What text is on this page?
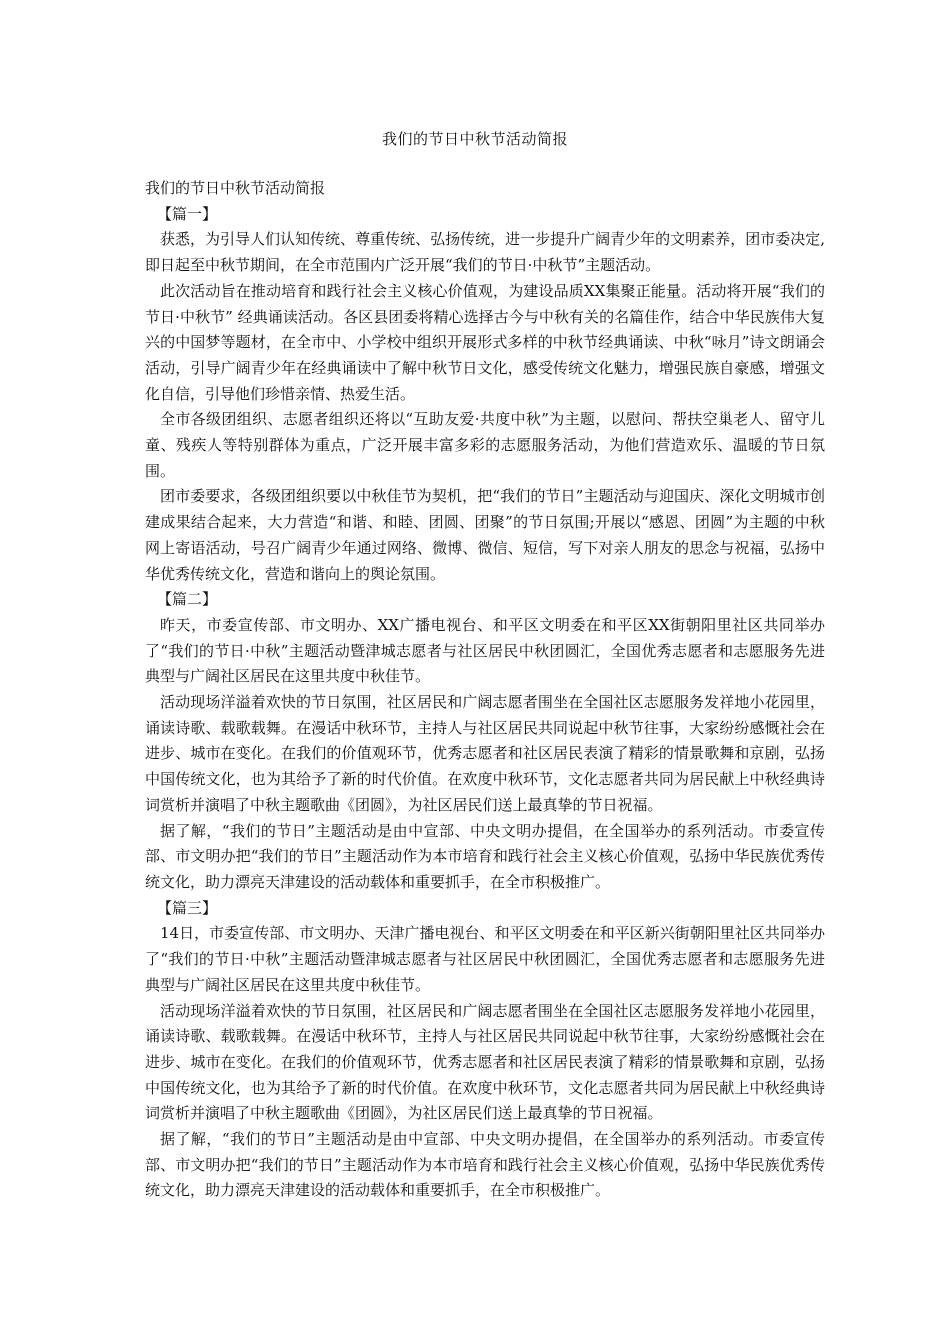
我们的节日中秋节活动简报

我们的节日中秋节活动简报

【篇一】

获悉，为引导人们认知传统、尊重传统、弘扬传统，进一步提升广阔青少年的文明素养，团市委决定,即日起至中秋节期间，在全市范围内广泛开展“我们的节日·中秋节”主题活动。

此次活动旨在推动培育和践行社会主义核心价值观，为建设品质XX集聚正能量。活动将开展“我们的节日·中秋节” 经典诵读活动。各区县团委将精心选择古今与中秋有关的名篇佳作，结合中华民族伟大复兴的中国梦等题材，在全市中、小学校中组织开展形式多样的中秋节经典诵读、中秋“咏月”诗文朗诵会活动，引导广阔青少年在经典诵读中了解中秋节日文化，感受传统文化魅力，增强民族自豪感，增强文化自信，引导他们珍惜亲情、热爱生活。

全市各级团组织、志愿者组织还将以“互助友爱·共度中秋”为主题，以慰问、帮扶空巢老人、留守儿童、残疾人等特别群体为重点，广泛开展丰富多彩的志愿服务活动，为他们营造欢乐、温暖的节日氛围。

团市委要求，各级团组织要以中秋佳节为契机，把“我们的节日”主题活动与迎国庆、深化文明城市创建成果结合起来，大力营造“和谐、和睦、团圆、团聚”的节日氛围;开展以“感恩、团圆”为主题的中秋网上寄语活动，号召广阔青少年通过网络、微博、微信、短信，写下对亲人朋友的思念与祝福，弘扬中华优秀传统文化，营造和谐向上的舆论氛围。

【篇二】

昨天，市委宣传部、市文明办、XX广播电视台、和平区文明委在和平区XX街朝阳里社区共同举办了“我们的节日·中秋”主题活动暨津城志愿者与社区居民中秋团圆汇，全国优秀志愿者和志愿服务先进典型与广阔社区居民在这里共度中秋佳节。

活动现场洋溢着欢快的节日氛围，社区居民和广阔志愿者围坐在全国社区志愿服务发祥地小花园里，诵读诗歌、载歌载舞。在漫话中秋环节，主持人与社区居民共同说起中秋节往事，大家纷纷感慨社会在进步、城市在变化。在我们的价值观环节，优秀志愿者和社区居民表演了精彩的情景歌舞和京剧，弘扬中国传统文化，也为其给予了新的时代价值。在欢度中秋环节，文化志愿者共同为居民献上中秋经典诗词赏析并演唱了中秋主题歌曲《团圆》，为社区居民们送上最真挚的节日祝福。

据了解，“我们的节日”主题活动是由中宣部、中央文明办提倡，在全国举办的系列活动。市委宣传部、市文明办把“我们的节日”主题活动作为本市培育和践行社会主义核心价值观，弘扬中华民族优秀传统文化，助力漂亮天津建设的活动载体和重要抓手，在全市积极推广。

【篇三】

14日，市委宣传部、市文明办、天津广播电视台、和平区文明委在和平区新兴街朝阳里社区共同举办了“我们的节日·中秋”主题活动暨津城志愿者与社区居民中秋团圆汇，全国优秀志愿者和志愿服务先进典型与广阔社区居民在这里共度中秋佳节。

活动现场洋溢着欢快的节日氛围，社区居民和广阔志愿者围坐在全国社区志愿服务发祥地小花园里，诵读诗歌、载歌载舞。在漫话中秋环节，主持人与社区居民共同说起中秋节往事，大家纷纷感慨社会在进步、城市在变化。在我们的价值观环节，优秀志愿者和社区居民表演了精彩的情景歌舞和京剧，弘扬中国传统文化，也为其给予了新的时代价值。在欢度中秋环节，文化志愿者共同为居民献上中秋经典诗词赏析并演唱了中秋主题歌曲《团圆》，为社区居民们送上最真挚的节日祝福。

据了解，“我们的节日”主题活动是由中宣部、中央文明办提倡，在全国举办的系列活动。市委宣传部、市文明办把“我们的节日”主题活动作为本市培育和践行社会主义核心价值观，弘扬中华民族优秀传统文化，助力漂亮天津建设的活动载体和重要抓手，在全市积极推广。
